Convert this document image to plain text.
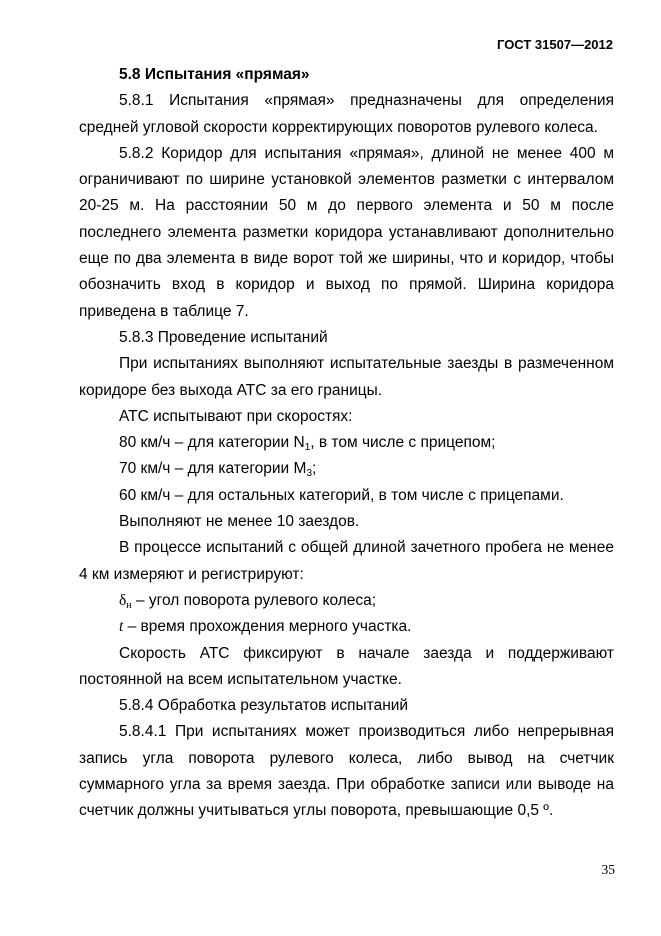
ГОСТ 31507—2012
5.8 Испытания «прямая»
5.8.1 Испытания «прямая» предназначены для определения
средней угловой скорости корректирующих поворотов рулевого колеса.
5.8.2 Коридор для испытания «прямая», длиной не менее 400 м
ограничивают по ширине установкой элементов разметки с интервалом
20-25 м. На расстоянии 50 м до первого элемента и 50 м после
последнего элемента разметки коридора устанавливают дополнительно
еще по два элемента в виде ворот той же ширины, что и коридор, чтобы
обозначить вход в коридор и выход по прямой. Ширина коридора
приведена в таблице 7.
5.8.3 Проведение испытаний
При испытаниях выполняют испытательные заезды в размеченном
коридоре без выхода АТС за его границы.
АТС испытывают при скоростях:
80 км/ч – для категории $N_1$, в том числе с прицепом;
70 км/ч – для категории $M_3$;
60 км/ч – для остальных категорий, в том числе с прицепами.
Выполняют не менее 10 заездов.
В процессе испытаний с общей длиной зачетного пробега не менее
4 км измеряют и регистрируют:
$\delta_н$ – угол поворота рулевого колеса;
t – время прохождения мерного участка.
Скорость АТС фиксируют в начале заезда и поддерживают
постоянной на всем испытательном участке.
5.8.4 Обработка результатов испытаний
5.8.4.1 При испытаниях может производиться либо непрерывная
запись угла поворота рулевого колеса, либо вывод на счетчик
суммарного угла за время заезда. При обработке записи или выводе на
счетчик должны учитываться углы поворота, превышающие 0,5 º.
35
